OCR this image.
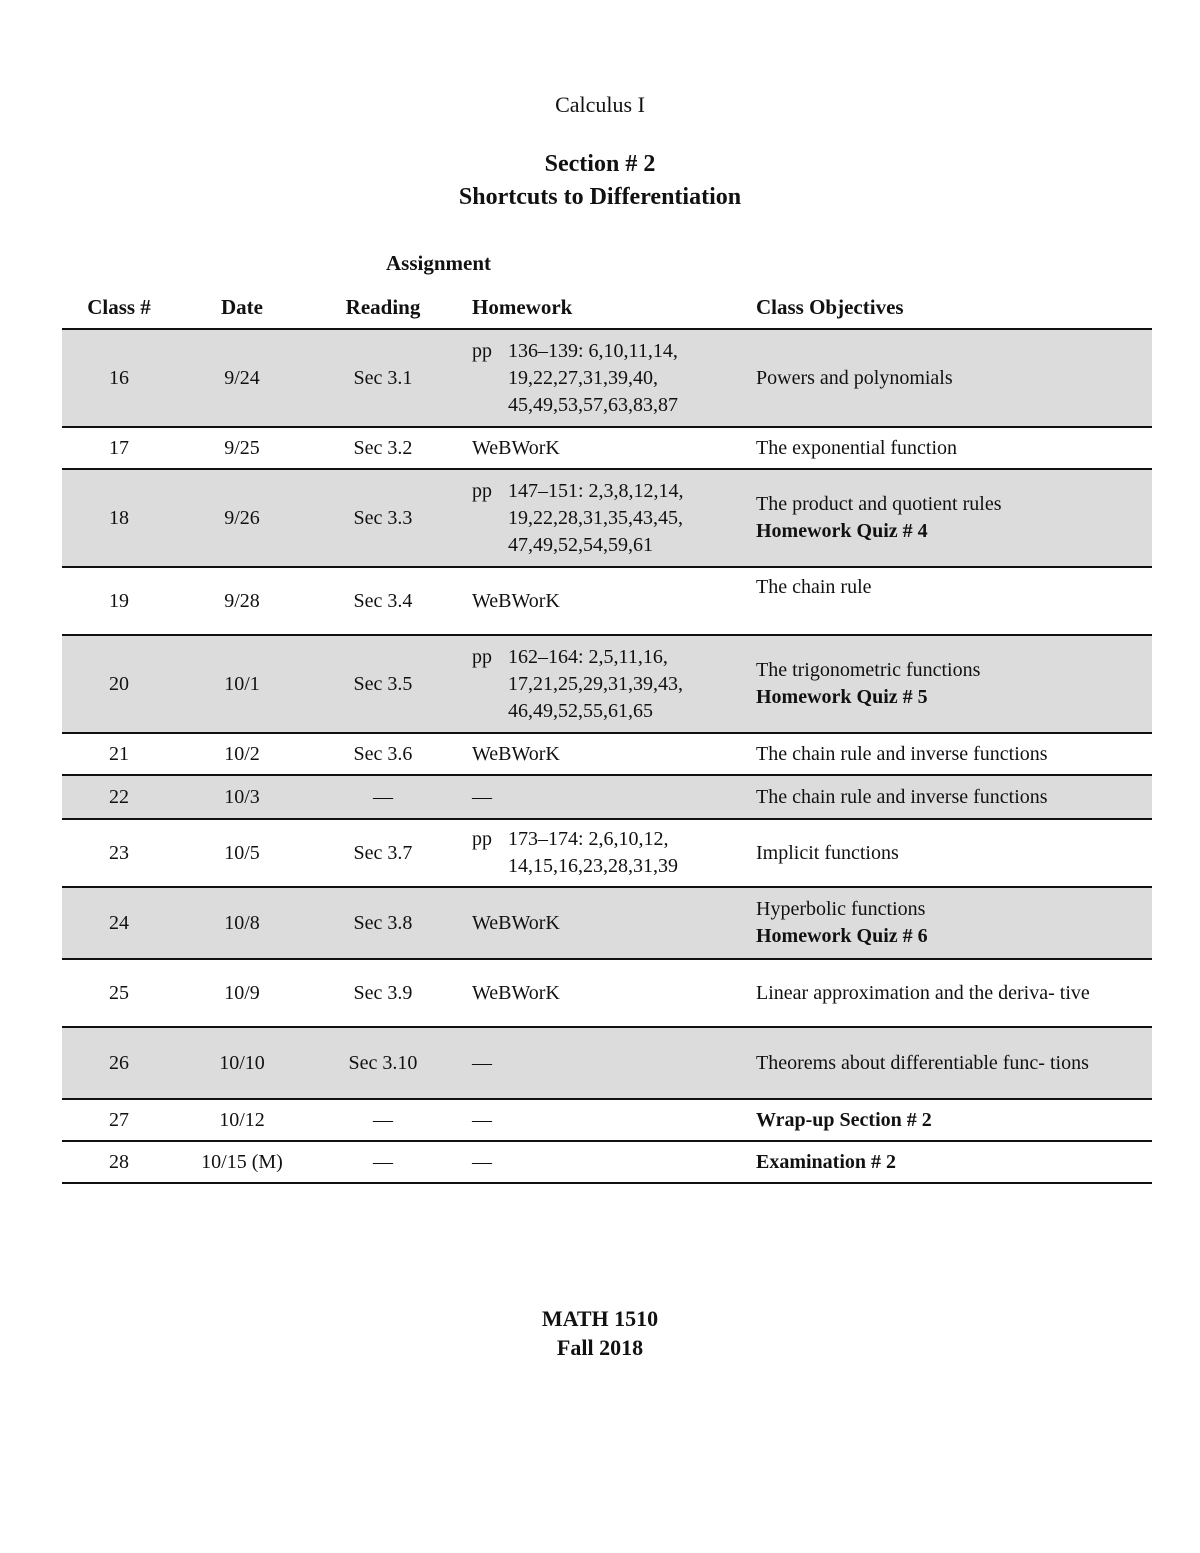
Calculus I
Section # 2
Shortcuts to Differentiation
Assignment
Class #	Date	Reading	Homework	Class Objectives
16	9/24	Sec 3.1	pp 136–139: 6,10,11,14, 19,22,27,31,39,40, 45,49,53,57,63,83,87	Powers and polynomials

17	9/25	Sec 3.2	WeBWorK	The exponential function

18	9/26	Sec 3.3	pp 147–151: 2,3,8,12,14, 19,22,28,31,35,43,45, 47,49,52,54,59,61	The product and quotient rules
Homework Quiz # 4

19	9/28	Sec 3.4	WeBWorK	The chain rule

20	10/1	Sec 3.5	pp 162–164: 2,5,11,16, 17,21,25,29,31,39,43, 46,49,52,55,61,65	The trigonometric functions
Homework Quiz # 5

21	10/2	Sec 3.6	WeBWorK	The chain rule and inverse functions

22	10/3	—	—	The chain rule and inverse functions

23	10/5	Sec 3.7	pp 173–174: 2,6,10,12, 14,15,16,23,28,31,39	Implicit functions

24	10/8	Sec 3.8	WeBWorK	Hyperbolic functions
Homework Quiz # 6

25	10/9	Sec 3.9	WeBWorK	Linear approximation and the deriva- tive

26	10/10	Sec 3.10	—	Theorems about differentiable func- tions

27	10/12	—	—	Wrap-up Section # 2

28	10/15 (M)	—	—	Examination # 2
MATH 1510
Fall 2018
